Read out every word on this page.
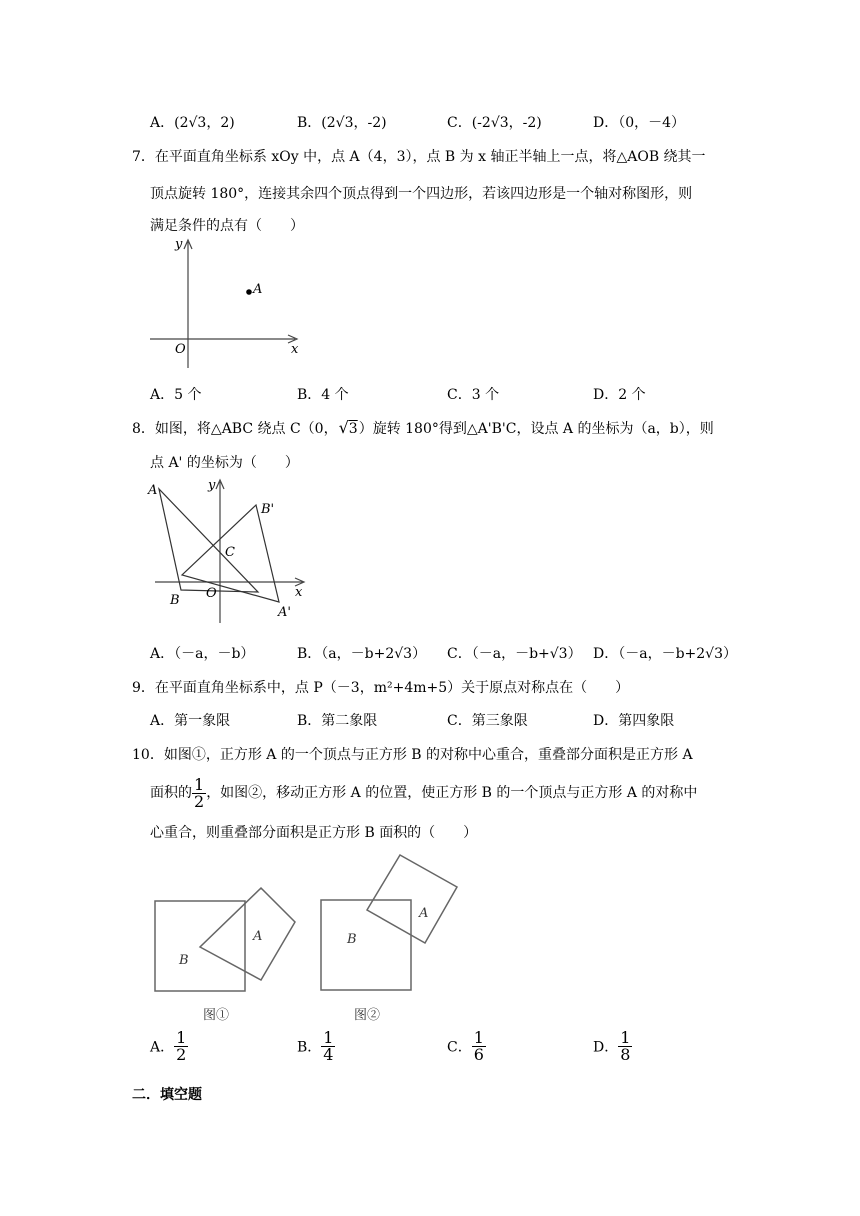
A．(2√3，2)	B．(2√3，-2)	C．(-2√3，-2)	D．（0，－4）
7．在平面直角坐标系 xOy 中，点 A（4，3），点 B 为 x 轴正半轴上一点，将△AOB 绕其一
顶点旋转 180°，连接其余四个顶点得到一个四边形，若该四边形是一个轴对称图形，则
满足条件的点有（　　）
y
A
O	x
A．5 个	B．4 个	C．3 个	D．2 个
8．如图，将△ABC 绕点 C（0，√3）旋转 180°得到△A'B'C，设点 A 的坐标为（a，b），则
点 A' 的坐标为（　　）
A	y
B'
C
B O	x
A'
A．（－a，－b）	B．（a，－b+2√3） C．（－a，－b+√3） D．（－a，－b+2√3）
9．在平面直角坐标系中，点 P（－3，m²+4m+5）关于原点对称点在（　　）
A．第一象限	B．第二象限	C．第三象限	D．第四象限
10．如图①，正方形 A 的一个顶点与正方形 B 的对称中心重合，重叠部分面积是正方形 A
面积的 $\frac{1}{2}$ ，如图②，移动正方形 A 的位置，使正方形 B 的一个顶点与正方形 A 的对称中
心重合，则重叠部分面积是正方形 B 面积的（　　）
A
B
图①
A
B
图②
A． $\frac{1}{2}$	B． $\frac{1}{4}$	C． $\frac{1}{6}$	D． $\frac{1}{8}$
二．填空题
